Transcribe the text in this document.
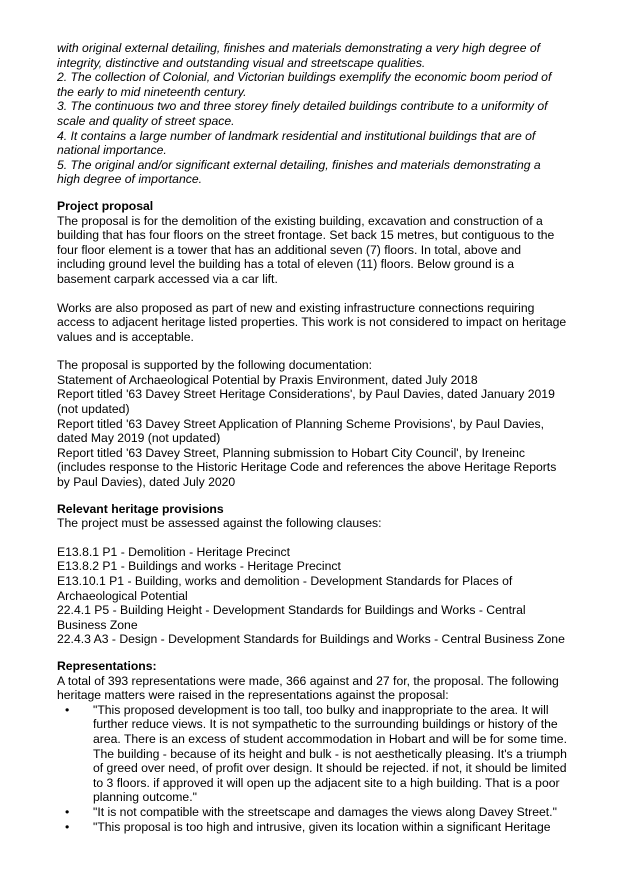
with original external detailing, finishes and materials demonstrating a very high degree of integrity, distinctive and outstanding visual and streetscape qualities.

2. The collection of Colonial, and Victorian buildings exemplify the economic boom period of the early to mid nineteenth century.

3. The continuous two and three storey finely detailed buildings contribute to a uniformity of scale and quality of street space.

4. It contains a large number of landmark residential and institutional buildings that are of national importance.

5. The original and/or significant external detailing, finishes and materials demonstrating a high degree of importance.

Project proposal

The proposal is for the demolition of the existing building, excavation and construction of a building that has four floors on the street frontage. Set back 15 metres, but contiguous to the four floor element is a tower that has an additional seven (7) floors. In total, above and including ground level the building has a total of eleven (11) floors. Below ground is a basement carpark accessed via a car lift.

Works are also proposed as part of new and existing infrastructure connections requiring access to adjacent heritage listed properties. This work is not considered to impact on heritage values and is acceptable.

The proposal is supported by the following documentation:

Statement of Archaeological Potential by Praxis Environment, dated July 2018

Report titled '63 Davey Street Heritage Considerations', by Paul Davies, dated January 2019 (not updated)

Report titled '63 Davey Street Application of Planning Scheme Provisions', by Paul Davies, dated May 2019 (not updated)

Report titled '63 Davey Street, Planning submission to Hobart City Council', by Ireneinc (includes response to the Historic Heritage Code and references the above Heritage Reports by Paul Davies), dated July 2020

Relevant heritage provisions

The project must be assessed against the following clauses:

E13.8.1 P1 - Demolition - Heritage Precinct

E13.8.2 P1 - Buildings and works - Heritage Precinct

E13.10.1 P1 - Building, works and demolition - Development Standards for Places of Archaeological Potential

22.4.1 P5 - Building Height - Development Standards for Buildings and Works - Central Business Zone

22.4.3 A3 - Design - Development Standards for Buildings and Works - Central Business Zone

Representations:

A total of 393 representations were made, 366 against and 27 for, the proposal. The following heritage matters were raised in the representations against the proposal:

• "This proposed development is too tall, too bulky and inappropriate to the area. It will further reduce views. It is not sympathetic to the surrounding buildings or history of the area. There is an excess of student accommodation in Hobart and will be for some time. The building - because of its height and bulk - is not aesthetically pleasing. It's a triumph of greed over need, of profit over design. It should be rejected. if not, it should be limited to 3 floors. if approved it will open up the adjacent site to a high building. That is a poor planning outcome."
• "It is not compatible with the streetscape and damages the views along Davey Street."
• "This proposal is too high and intrusive, given its location within a significant Heritage
